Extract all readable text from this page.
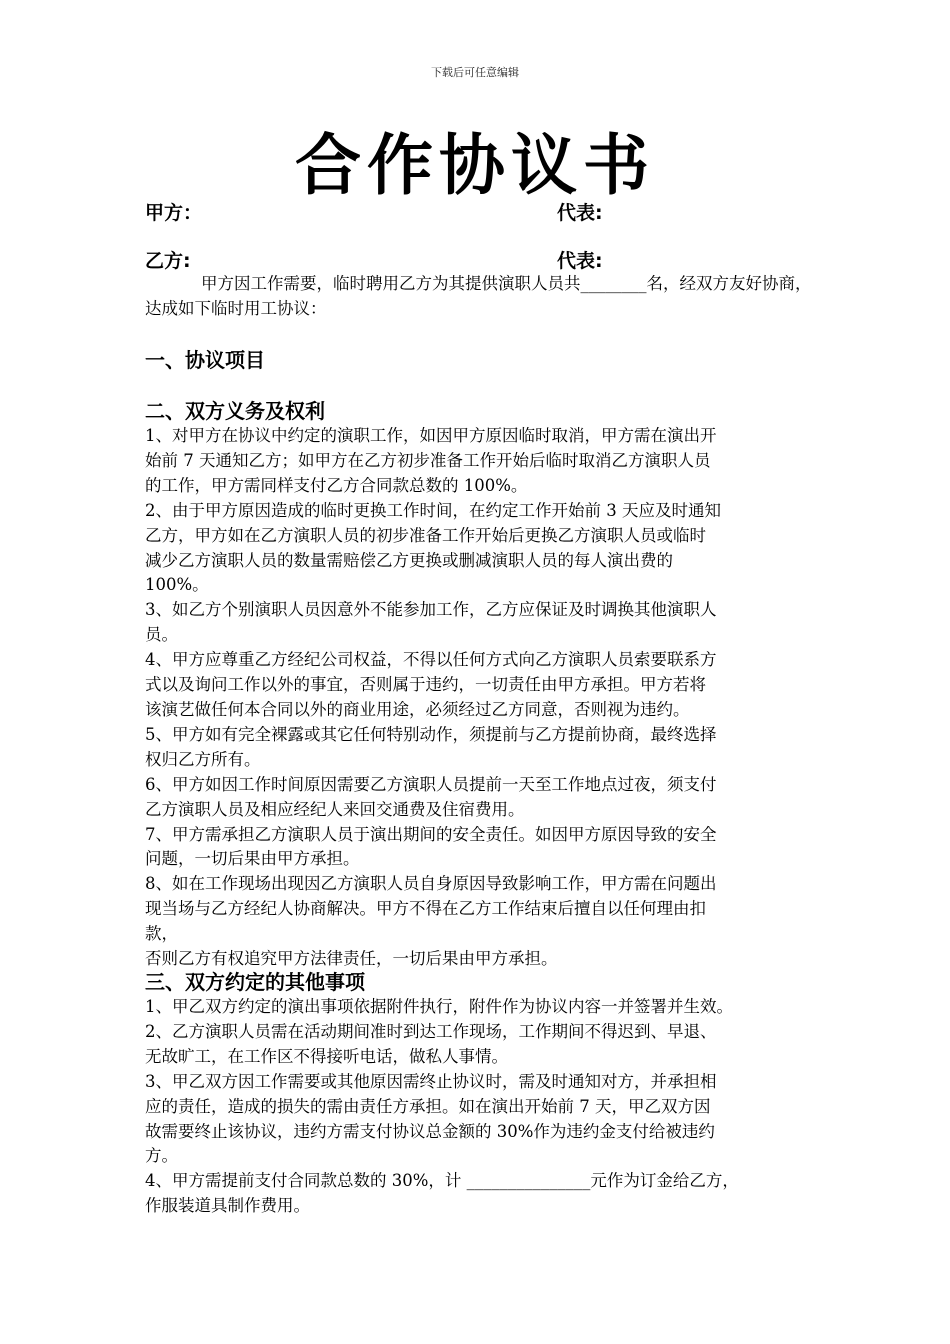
下载后可任意编辑
合作协议书
甲方：	代表:
乙方:	代表:
甲方因工作需要，临时聘用乙方为其提供演职人员共________名，经双方友好协商，达成如下临时用工协议：
一、协议项目
二、双方义务及权利

1、对甲方在协议中约定的演职工作，如因甲方原因临时取消，甲方需在演出开

始前 7 天通知乙方；如甲方在乙方初步准备工作开始后临时取消乙方演职人员

的工作，甲方需同样支付乙方合同款总数的 100%。

2、由于甲方原因造成的临时更换工作时间，在约定工作开始前 3 天应及时通知

乙方，甲方如在乙方演职人员的初步准备工作开始后更换乙方演职人员或临时

减少乙方演职人员的数量需赔偿乙方更换或删减演职人员的每人演出费的

100%。

3、如乙方个别演职人员因意外不能参加工作，乙方应保证及时调换其他演职人

员。

4、甲方应尊重乙方经纪公司权益，不得以任何方式向乙方演职人员索要联系方

式以及询问工作以外的事宜，否则属于违约，一切责任由甲方承担。甲方若将

该演艺做任何本合同以外的商业用途，必须经过乙方同意，否则视为违约。

5、甲方如有完全裸露或其它任何特别动作，须提前与乙方提前协商，最终选择

权归乙方所有。

6、甲方如因工作时间原因需要乙方演职人员提前一天至工作地点过夜，须支付

乙方演职人员及相应经纪人来回交通费及住宿费用。

7、甲方需承担乙方演职人员于演出期间的安全责任。如因甲方原因导致的安全

问题，一切后果由甲方承担。

8、如在工作现场出现因乙方演职人员自身原因导致影响工作，甲方需在问题出

现当场与乙方经纪人协商解决。甲方不得在乙方工作结束后擅自以任何理由扣

款，

否则乙方有权追究甲方法律责任，一切后果由甲方承担。

三、双方约定的其他事项

1、甲乙双方约定的演出事项依据附件执行，附件作为协议内容一并签署并生效。

2、乙方演职人员需在活动期间准时到达工作现场，工作期间不得迟到、早退、

无故旷工，在工作区不得接听电话，做私人事情。

3、甲乙双方因工作需要或其他原因需终止协议时，需及时通知对方，并承担相

应的责任，造成的损失的需由责任方承担。如在演出开始前 7 天，甲乙双方因

故需要终止该协议，违约方需支付协议总金额的 30%作为违约金支付给被违约

方。

4、甲方需提前支付合同款总数的 30%，计 _______________元作为订金给乙方，

作服装道具制作费用。
